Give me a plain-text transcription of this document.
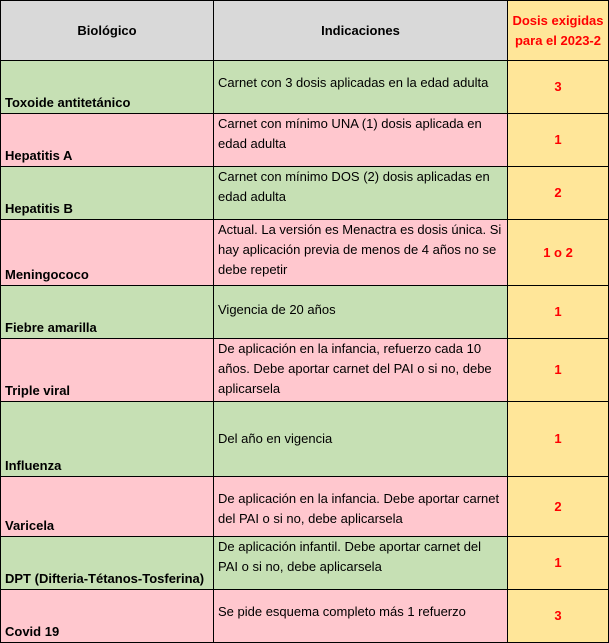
Biológico	Indicaciones	Dosis exigidas para el 2023-2
Toxoide antitetánico	Carnet con 3 dosis aplicadas en la edad adulta	3
Hepatitis A	Carnet con mínimo UNA (1) dosis aplicada en edad adulta	1
Hepatitis B	Carnet con mínimo DOS (2) dosis aplicadas en edad adulta	2
Meningococo	Actual. La versión es Menactra es dosis única. Si hay aplicación previa de menos de 4 años no se debe repetir	1 o 2
Fiebre amarilla	Vigencia de 20 años	1
Triple viral	De aplicación en la infancia, refuerzo cada 10 años. Debe aportar carnet del PAI o si no, debe aplicarsela	1
Influenza	Del año en vigencia	1
Varicela	De aplicación en la infancia. Debe aportar carnet del PAI o si no, debe aplicarsela	2
DPT (Difteria-Tétanos-Tosferina)	De aplicación infantil. Debe aportar carnet del PAI o si no, debe aplicarsela	1
Covid 19	Se pide esquema completo más 1 refuerzo	3
